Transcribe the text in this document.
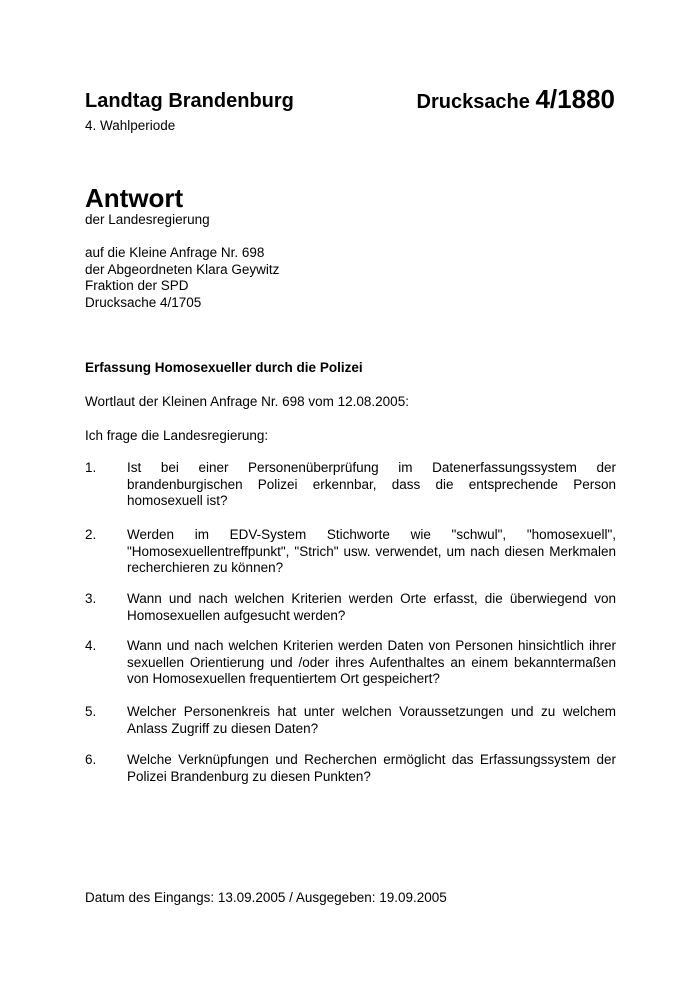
Landtag Brandenburg	Drucksache 4/1880
4. Wahlperiode
Antwort
der Landesregierung
auf die Kleine Anfrage Nr. 698
der Abgeordneten Klara Geywitz
Fraktion der SPD
Drucksache 4/1705
Erfassung Homosexueller durch die Polizei
Wortlaut der Kleinen Anfrage Nr. 698 vom 12.08.2005:
Ich frage die Landesregierung:
1. Ist bei einer Personenüberprüfung im Datenerfassungssystem der brandenburgischen Polizei erkennbar, dass die entsprechende Person homosexuell ist?
2. Werden im EDV-System Stichworte wie "schwul", "homosexuell", "Homosexuellentreffpunkt", "Strich" usw. verwendet, um nach diesen Merkmalen recherchieren zu können?
3. Wann und nach welchen Kriterien werden Orte erfasst, die überwiegend von Homosexuellen aufgesucht werden?
4. Wann und nach welchen Kriterien werden Daten von Personen hinsichtlich ihrer sexuellen Orientierung und /oder ihres Aufenthaltes an einem bekanntermaßen von Homosexuellen frequentiertem Ort gespeichert?
5. Welcher Personenkreis hat unter welchen Voraussetzungen und zu welchem Anlass Zugriff zu diesen Daten?
6. Welche Verknüpfungen und Recherchen ermöglicht das Erfassungssystem der Polizei Brandenburg zu diesen Punkten?
Datum des Eingangs: 13.09.2005 / Ausgegeben: 19.09.2005
